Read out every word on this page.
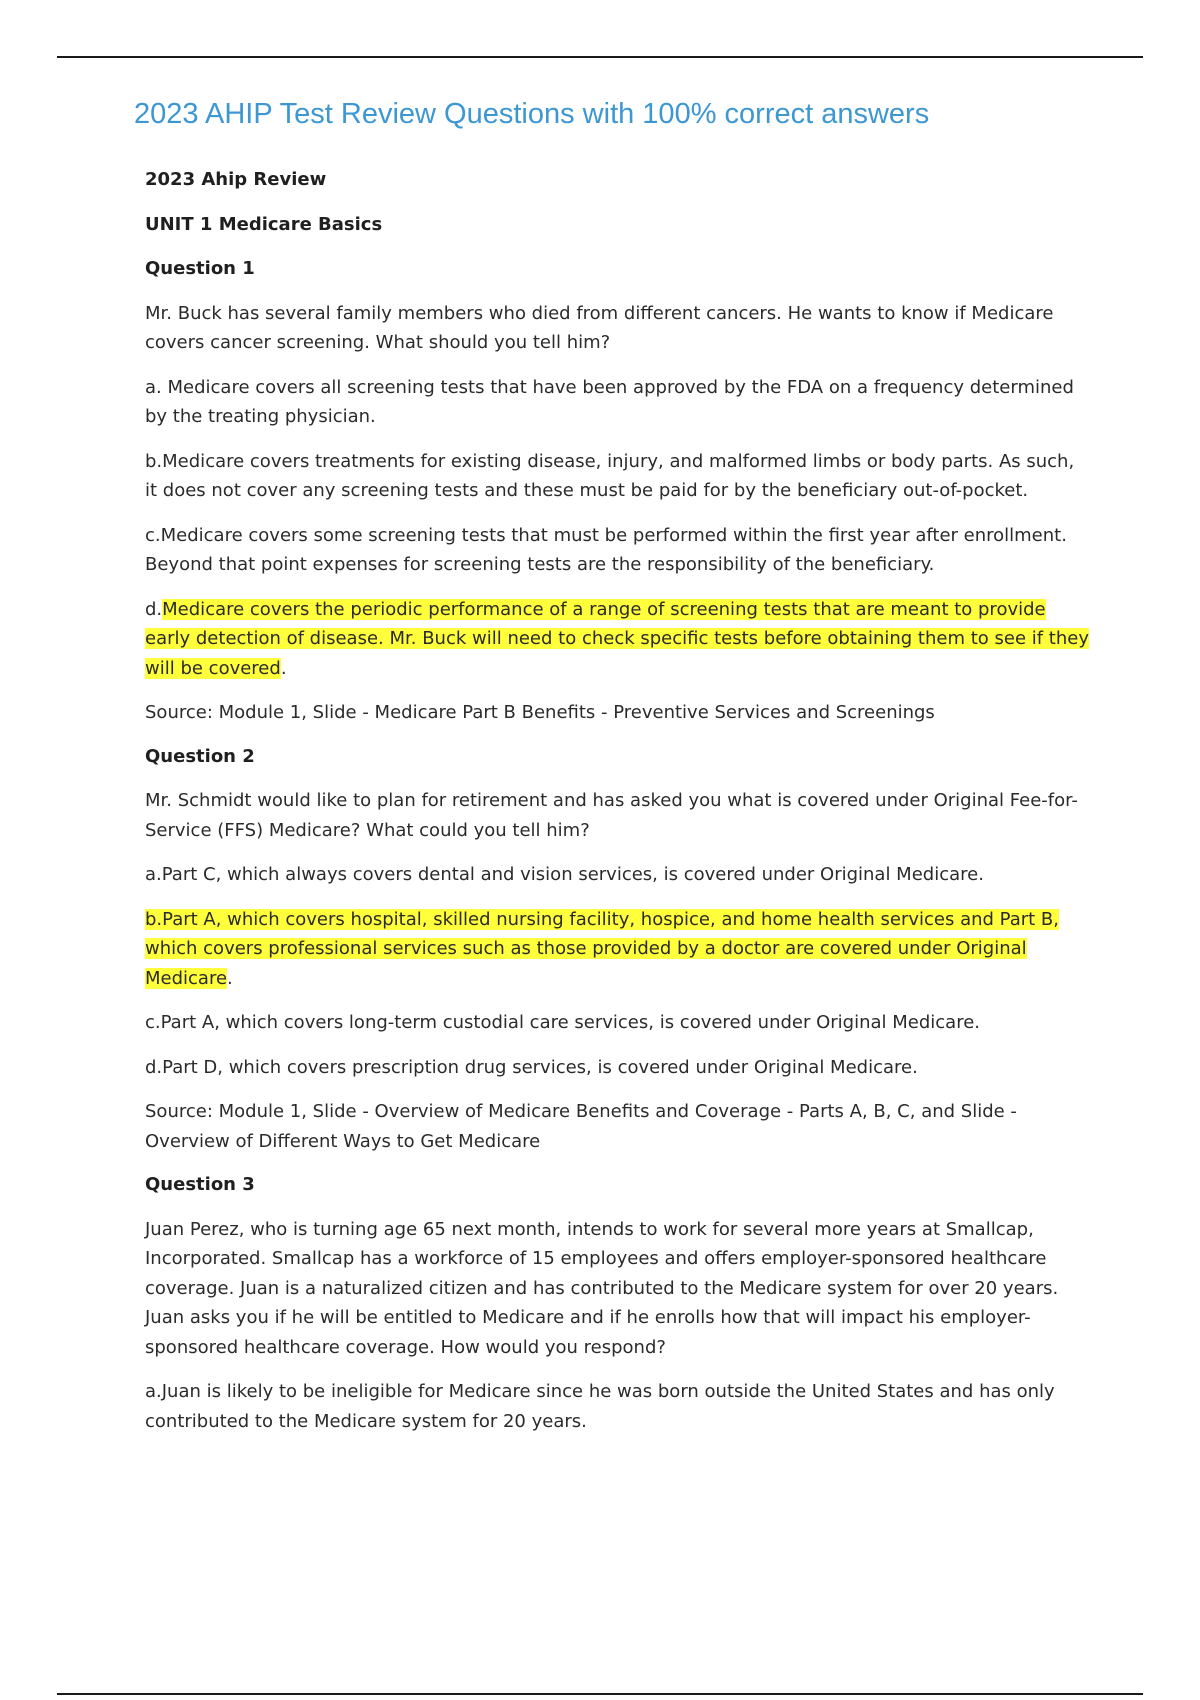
2023 AHIP Test Review Questions with 100% correct answers

2023 Ahip Review

UNIT 1 Medicare Basics

Question 1

Mr. Buck has several family members who died from different cancers. He wants to know if Medicare covers cancer screening. What should you tell him?

a. Medicare covers all screening tests that have been approved by the FDA on a frequency determined by the treating physician.

b.Medicare covers treatments for existing disease, injury, and malformed limbs or body parts. As such, it does not cover any screening tests and these must be paid for by the beneficiary out-of-pocket.

c.Medicare covers some screening tests that must be performed within the first year after enrollment. Beyond that point expenses for screening tests are the responsibility of the beneficiary.

d.Medicare covers the periodic performance of a range of screening tests that are meant to provide early detection of disease. Mr. Buck will need to check specific tests before obtaining them to see if they will be covered.

Source: Module 1, Slide - Medicare Part B Benefits - Preventive Services and Screenings

Question 2

Mr. Schmidt would like to plan for retirement and has asked you what is covered under Original Fee-for-Service (FFS) Medicare? What could you tell him?

a.Part C, which always covers dental and vision services, is covered under Original Medicare.

b.Part A, which covers hospital, skilled nursing facility, hospice, and home health services and Part B, which covers professional services such as those provided by a doctor are covered under Original Medicare.

c.Part A, which covers long-term custodial care services, is covered under Original Medicare.

d.Part D, which covers prescription drug services, is covered under Original Medicare.

Source: Module 1, Slide - Overview of Medicare Benefits and Coverage - Parts A, B, C, and Slide - Overview of Different Ways to Get Medicare

Question 3

Juan Perez, who is turning age 65 next month, intends to work for several more years at Smallcap, Incorporated. Smallcap has a workforce of 15 employees and offers employer-sponsored healthcare coverage. Juan is a naturalized citizen and has contributed to the Medicare system for over 20 years. Juan asks you if he will be entitled to Medicare and if he enrolls how that will impact his employer-sponsored healthcare coverage. How would you respond?

a.Juan is likely to be ineligible for Medicare since he was born outside the United States and has only contributed to the Medicare system for 20 years.
